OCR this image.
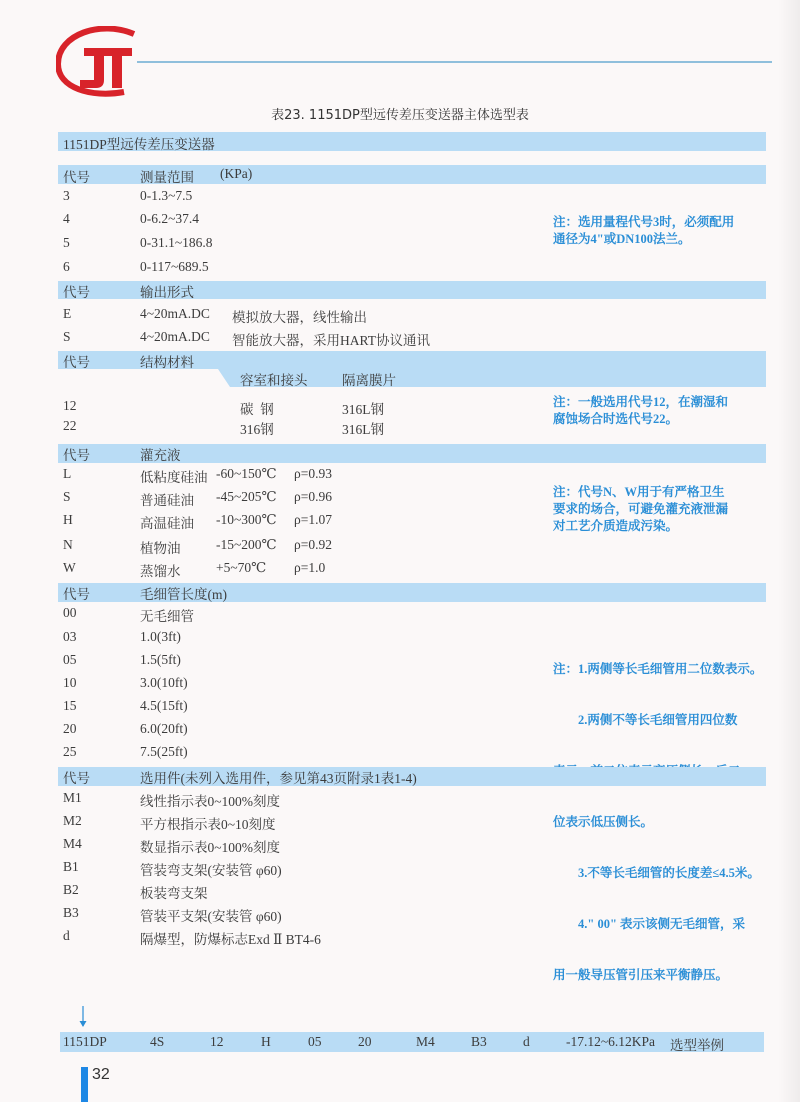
表23. 1151DP型远传差压变送器主体选型表
1151DP型远传差压变送器
代号	测量范围 (KPa)
3	0-1.3~7.5
4	0-6.2~37.4
5	0-31.1~186.8
6	0-117~689.5
注：选用量程代号3时，必须配用
通径为4"或DN100法兰。
代号	输出形式
E	4~20mA.DC 模拟放大器，线性输出
S	4~20mA.DC 智能放大器，采用HART协议通讯
代号	结构材料
容室和接头	隔离膜片
12	碳  钢	316L钢
22	316钢	316L钢
注：一般选用代号12，在潮湿和
腐蚀场合时选代号22。
代号	灌充液
L	低粘度硅油 -60~150℃ ρ=0.93
S	普通硅油 -45~205℃ ρ=0.96
H	高温硅油 -10~300℃ ρ=1.07
N	植物油	-15~200℃ ρ=0.92
W	蒸馏水	+5~70℃ ρ=1.0
注：代号N、W用于有严格卫生
要求的场合，可避免灌充液泄漏
对工艺介质造成污染。
代号	毛细管长度(m)
00	无毛细管
03	1.0(3ft)
05	1.5(5ft)
10	3.0(10ft)
15	4.5(15ft)
20	6.0(20ft)
25	7.5(25ft)

注：1.两侧等长毛细管用二位数表示。

2.两侧不等长毛细管用四位数

位表示低压侧长。

3.不等长毛细管的长度差≤4.5米。

4." 00" 表示该侧无毛细管，采

用一般导压管引压来平衡静压。

代号	选用件(未列入选用件，参见第43页附录1表1-4)
M1	线性指示表0~100%刻度
M2	平方根指示表0~10刻度
M4	数显指示表0~100%刻度
B1	管装弯支架(安装管 φ60)
B2	板装弯支架
B3	管装平支架(安装管 φ60)
d	隔爆型，防爆标志Exd Ⅱ BT4-6
1151DP	4S	12	H	05	20	M4	B3	d	-17.12~6.12KPa 选型举例
32
